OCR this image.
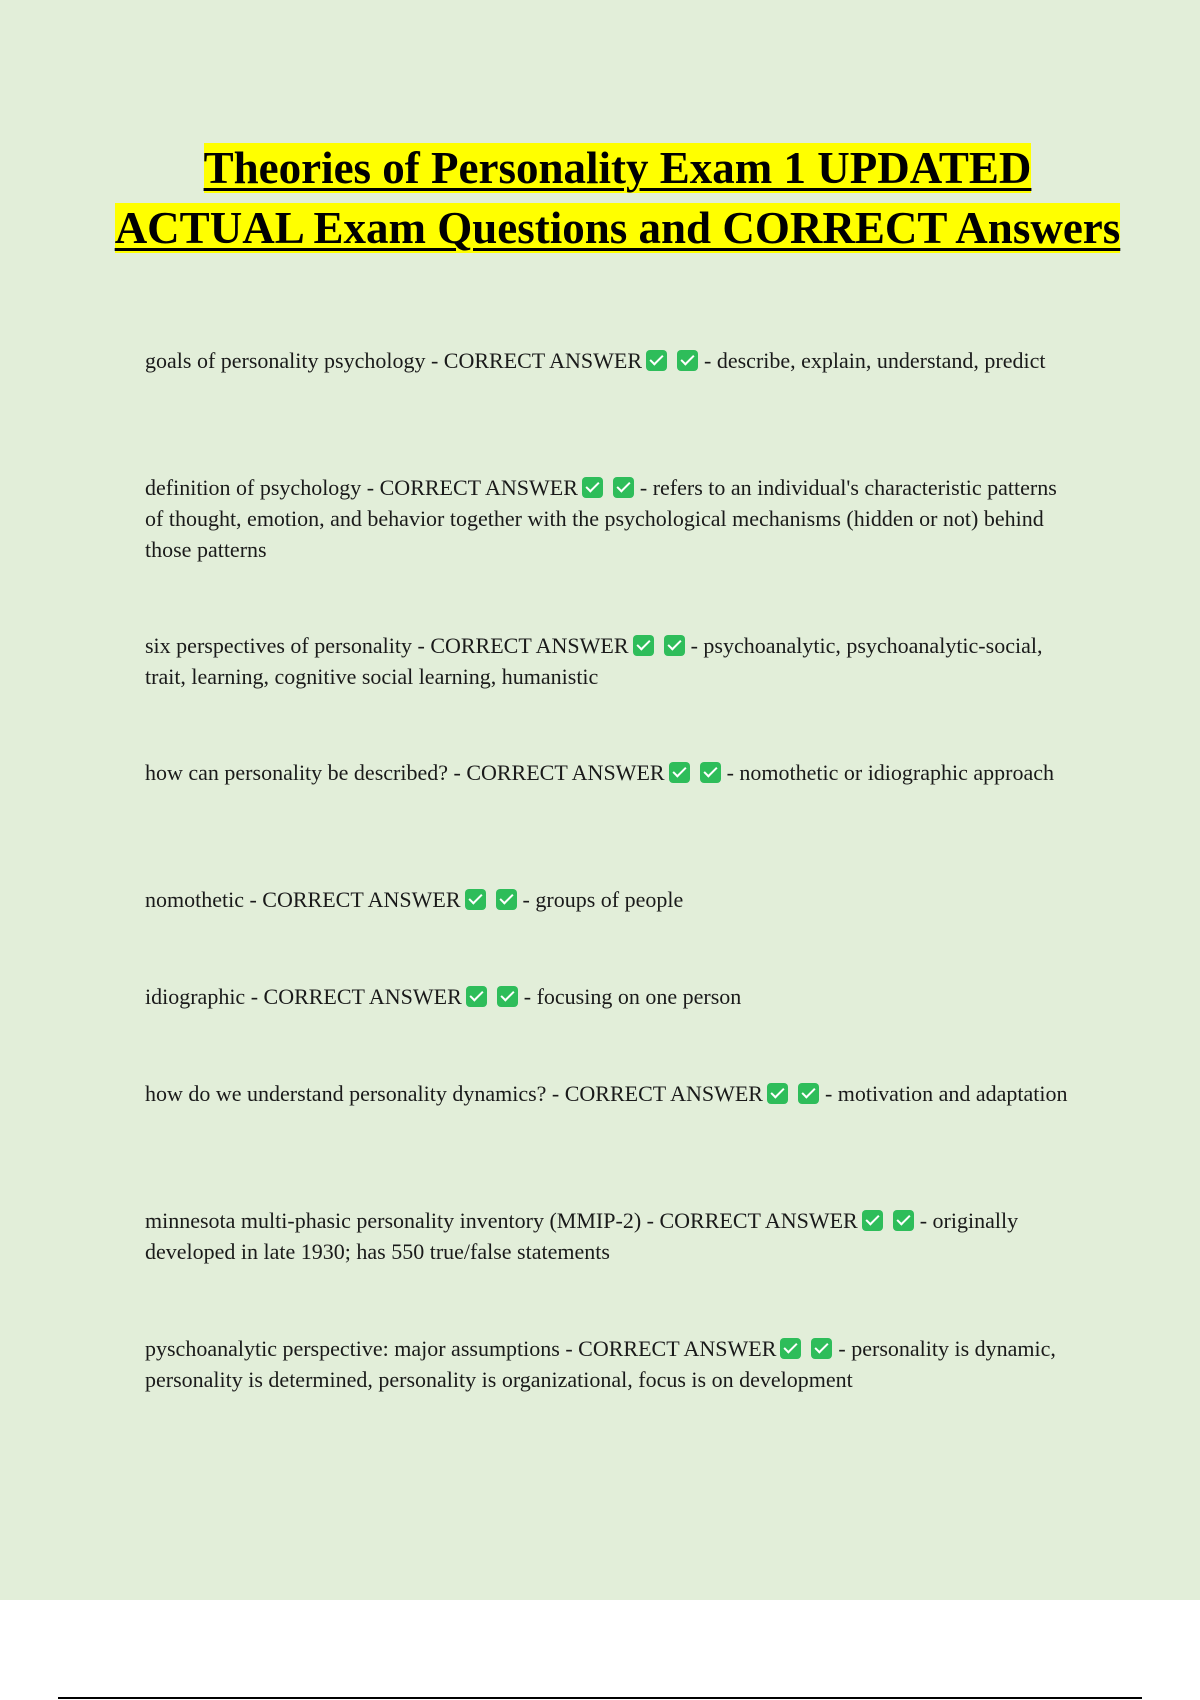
Theories of Personality Exam 1 UPDATED ACTUAL Exam Questions and CORRECT Answers

goals of personality psychology - CORRECT ANSWER	- describe, explain, understand, predict

definition of psychology - CORRECT ANSWER	- refers to an individual's characteristic patterns of thought, emotion, and behavior together with the psychological mechanisms (hidden or not) behind those patterns

six perspectives of personality - CORRECT ANSWER	- psychoanalytic, psychoanalytic-social, trait, learning, cognitive social learning, humanistic

how can personality be described? - CORRECT ANSWER	- nomothetic or idiographic approach

nomothetic - CORRECT ANSWER	- groups of people

idiographic - CORRECT ANSWER	- focusing on one person

how do we understand personality dynamics? - CORRECT ANSWER	- motivation and adaptation

minnesota multi-phasic personality inventory (MMIP-2) - CORRECT ANSWER	- originally developed in late 1930; has 550 true/false statements

pyschoanalytic perspective: major assumptions - CORRECT ANSWER	- personality is dynamic, personality is determined, personality is organizational, focus is on development
